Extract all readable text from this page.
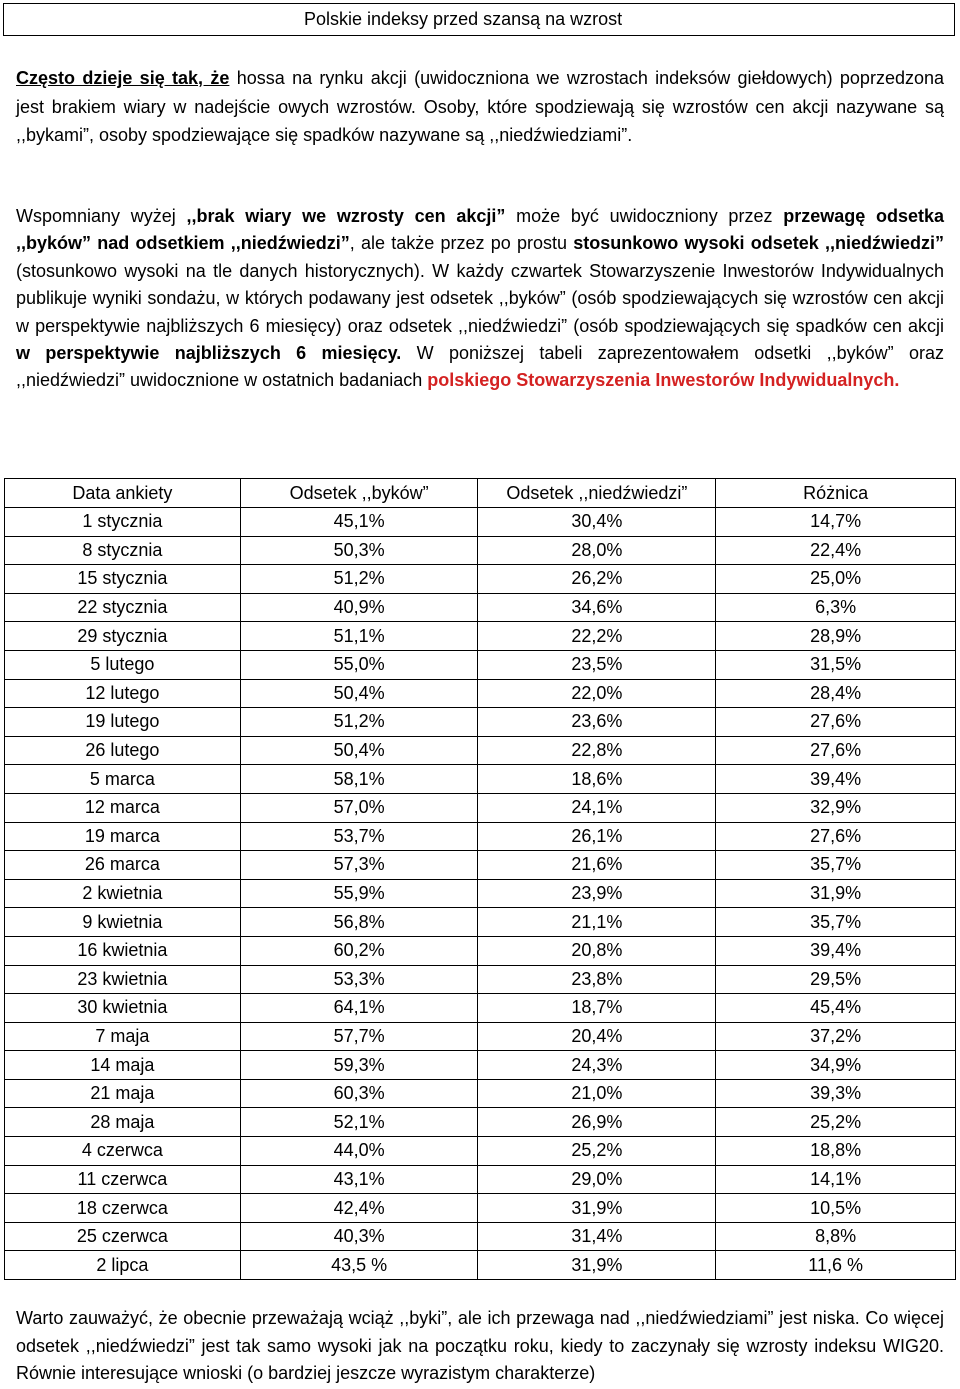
Polskie indeksy przed szansą na wzrost

Często dzieje się tak, że hossa na rynku akcji (uwidoczniona we wzrostach indeksów giełdowych) poprzedzona jest brakiem wiary w nadejście owych wzrostów. Osoby, które spodziewają się wzrostów cen akcji nazywane są ,,bykami”, osoby spodziewające się spadków nazywane są ,,niedźwiedziami”.

Wspomniany wyżej ,,brak wiary we wzrosty cen akcji” może być uwidoczniony przez przewagę odsetka ,,byków” nad odsetkiem ,,niedźwiedzi”, ale także przez po prostu stosunkowo wysoki odsetek ,,niedźwiedzi” (stosunkowo wysoki na tle danych historycznych). W każdy czwartek Stowarzyszenie Inwestorów Indywidualnych publikuje wyniki sondażu, w których podawany jest odsetek ,,byków” (osób spodziewających się wzrostów cen akcji w perspektywie najbliższych 6 miesięcy) oraz odsetek ,,niedźwiedzi” (osób spodziewających się spadków cen akcji w perspektywie najbliższych 6 miesięcy. W poniższej tabeli zaprezentowałem odsetki ,,byków” oraz ,,niedźwiedzi” uwidocznione w ostatnich badaniach polskiego Stowarzyszenia Inwestorów Indywidualnych.

Data ankiety	Odsetek ,,byków”	Odsetek ,,niedźwiedzi”	Różnica
1 stycznia	45,1%	30,4%	14,7%
8 stycznia	50,3%	28,0%	22,4%
15 stycznia	51,2%	26,2%	25,0%
22 stycznia	40,9%	34,6%	6,3%
29 stycznia	51,1%	22,2%	28,9%
5 lutego	55,0%	23,5%	31,5%
12 lutego	50,4%	22,0%	28,4%
19 lutego	51,2%	23,6%	27,6%
26 lutego	50,4%	22,8%	27,6%
5 marca	58,1%	18,6%	39,4%
12 marca	57,0%	24,1%	32,9%
19 marca	53,7%	26,1%	27,6%
26 marca	57,3%	21,6%	35,7%
2 kwietnia	55,9%	23,9%	31,9%
9 kwietnia	56,8%	21,1%	35,7%
16 kwietnia	60,2%	20,8%	39,4%
23 kwietnia	53,3%	23,8%	29,5%
30 kwietnia	64,1%	18,7%	45,4%
7 maja	57,7%	20,4%	37,2%
14 maja	59,3%	24,3%	34,9%
21 maja	60,3%	21,0%	39,3%
28 maja	52,1%	26,9%	25,2%
4 czerwca	44,0%	25,2%	18,8%
11 czerwca	43,1%	29,0%	14,1%
18 czerwca	42,4%	31,9%	10,5%
25 czerwca	40,3%	31,4%	8,8%
2 lipca	43,5 %	31,9%	11,6 %

Warto zauważyć, że obecnie przeważają wciąż ,,byki”, ale ich przewaga nad ,,niedźwiedziami” jest niska. Co więcej odsetek ,,niedźwiedzi” jest tak samo wysoki jak na początku roku, kiedy to zaczynały się wzrosty indeksu WIG20. Równie interesujące wnioski (o bardziej jeszcze wyrazistym charakterze)
